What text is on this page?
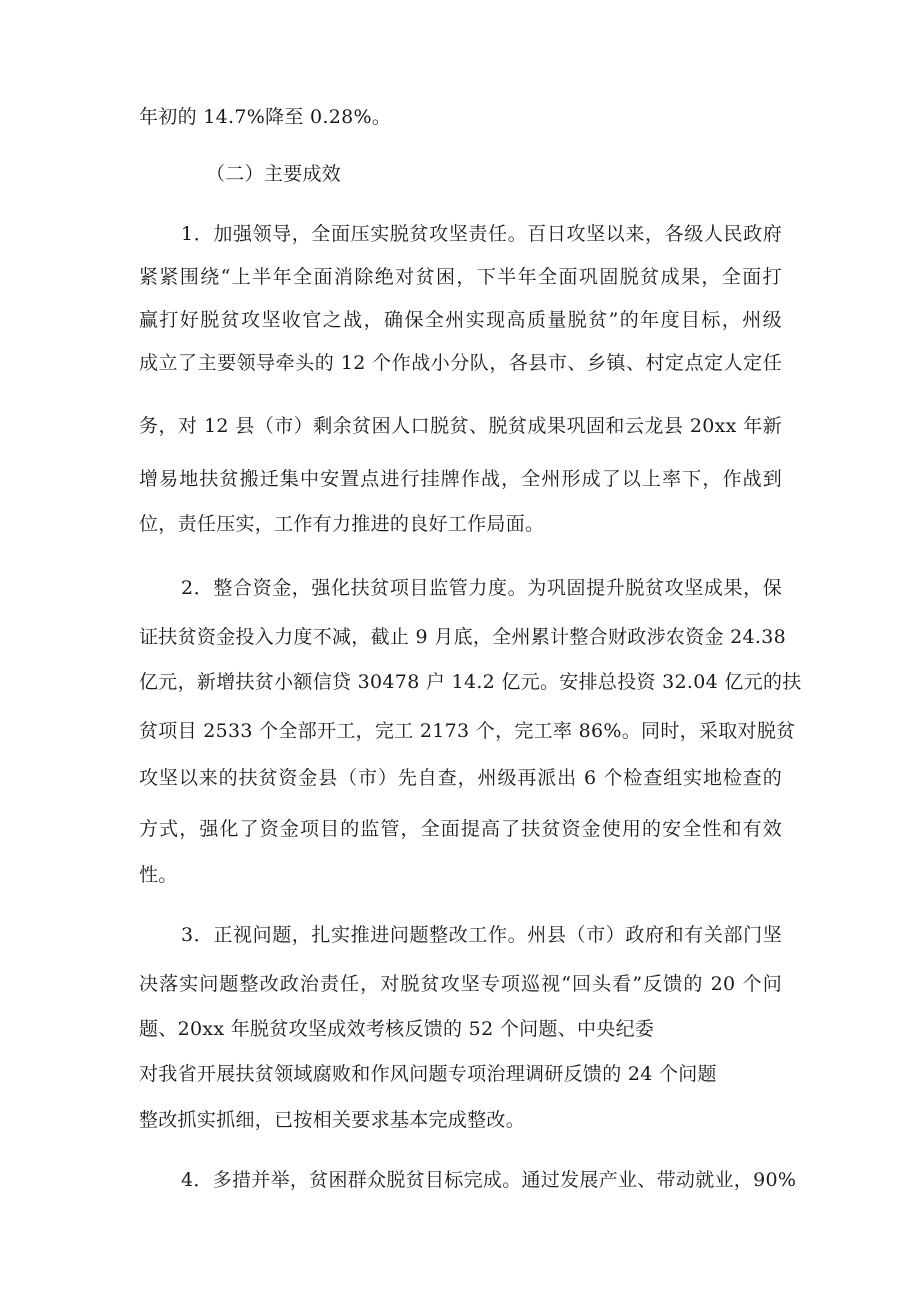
年初的 14.7%降至 0.28%。
（二）主要成效
1．加强领导，全面压实脱贫攻坚责任。百日攻坚以来，各级人民政府
紧紧围绕“上半年全面消除绝对贫困，下半年全面巩固脱贫成果，全面打
赢打好脱贫攻坚收官之战，确保全州实现高质量脱贫”的年度目标，州级
成立了主要领导牵头的 12 个作战小分队，各县市、乡镇、村定点定人定任
务，对 12 县（市）剩余贫困人口脱贫、脱贫成果巩固和云龙县 20xx 年新
增易地扶贫搬迁集中安置点进行挂牌作战，全州形成了以上率下，作战到
位，责任压实，工作有力推进的良好工作局面。
2．整合资金，强化扶贫项目监管力度。为巩固提升脱贫攻坚成果，保
证扶贫资金投入力度不减，截止 9 月底，全州累计整合财政涉农资金 24.38
亿元，新增扶贫小额信贷 30478 户 14.2 亿元。安排总投资 32.04 亿元的扶
贫项目 2533 个全部开工，完工 2173 个，完工率 86%。同时，采取对脱贫
攻坚以来的扶贫资金县（市）先自查，州级再派出 6 个检查组实地检查的
方式，强化了资金项目的监管，全面提高了扶贫资金使用的安全性和有效
性。
3．正视问题，扎实推进问题整改工作。州县（市）政府和有关部门坚
决落实问题整改政治责任，对脱贫攻坚专项巡视“回头看”反馈的 20 个问
题、20xx 年脱贫攻坚成效考核反馈的 52 个问题、中央纪委
对我省开展扶贫领域腐败和作风问题专项治理调研反馈的 24 个问题
整改抓实抓细，已按相关要求基本完成整改。
4．多措并举，贫困群众脱贫目标完成。通过发展产业、带动就业，90%
